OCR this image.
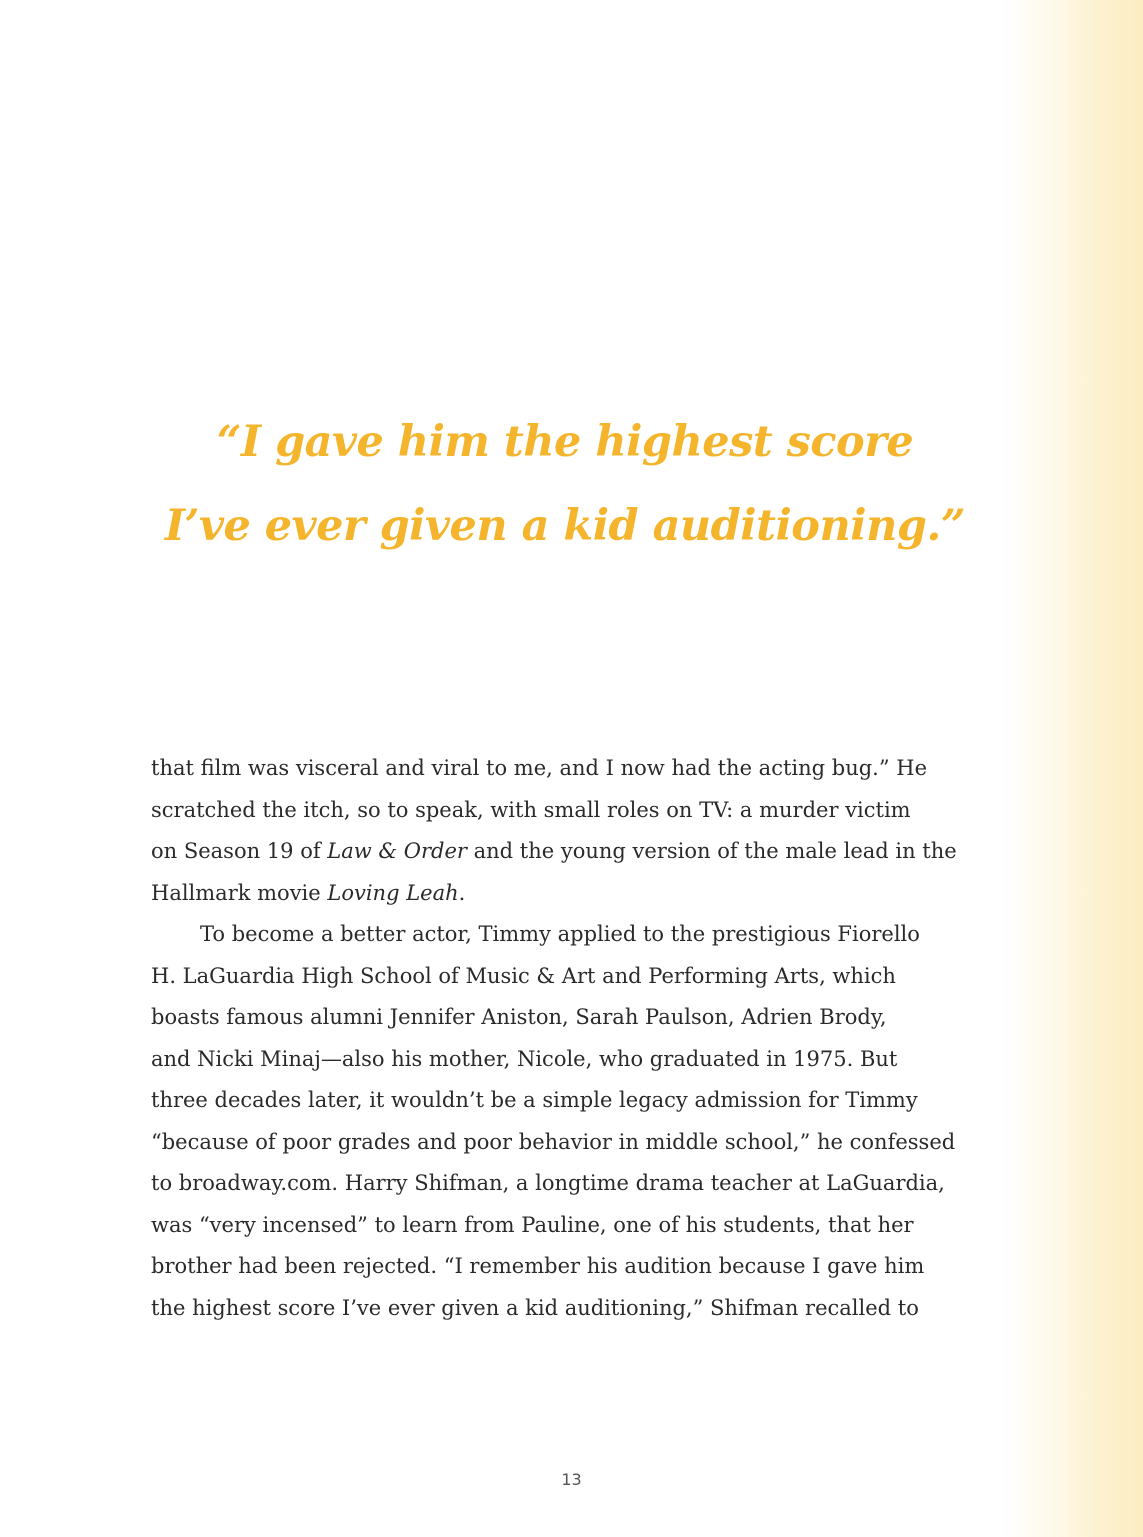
“I gave him the highest score
I’ve ever given a kid auditioning.”
that film was visceral and viral to me, and I now had the acting bug.” He
scratched the itch, so to speak, with small roles on TV: a murder victim
on Season 19 of Law & Order and the young version of the male lead in the
Hallmark movie Loving Leah.
To become a better actor, Timmy applied to the prestigious Fiorello
H. LaGuardia High School of Music & Art and Performing Arts, which
boasts famous alumni Jennifer Aniston, Sarah Paulson, Adrien Brody,
and Nicki Minaj—also his mother, Nicole, who graduated in 1975. But
three decades later, it wouldn’t be a simple legacy admission for Timmy
“because of poor grades and poor behavior in middle school,” he confessed
to broadway.com. Harry Shifman, a longtime drama teacher at LaGuardia,
was “very incensed” to learn from Pauline, one of his students, that her
brother had been rejected. “I remember his audition because I gave him
the highest score I’ve ever given a kid auditioning,” Shifman recalled to
13
